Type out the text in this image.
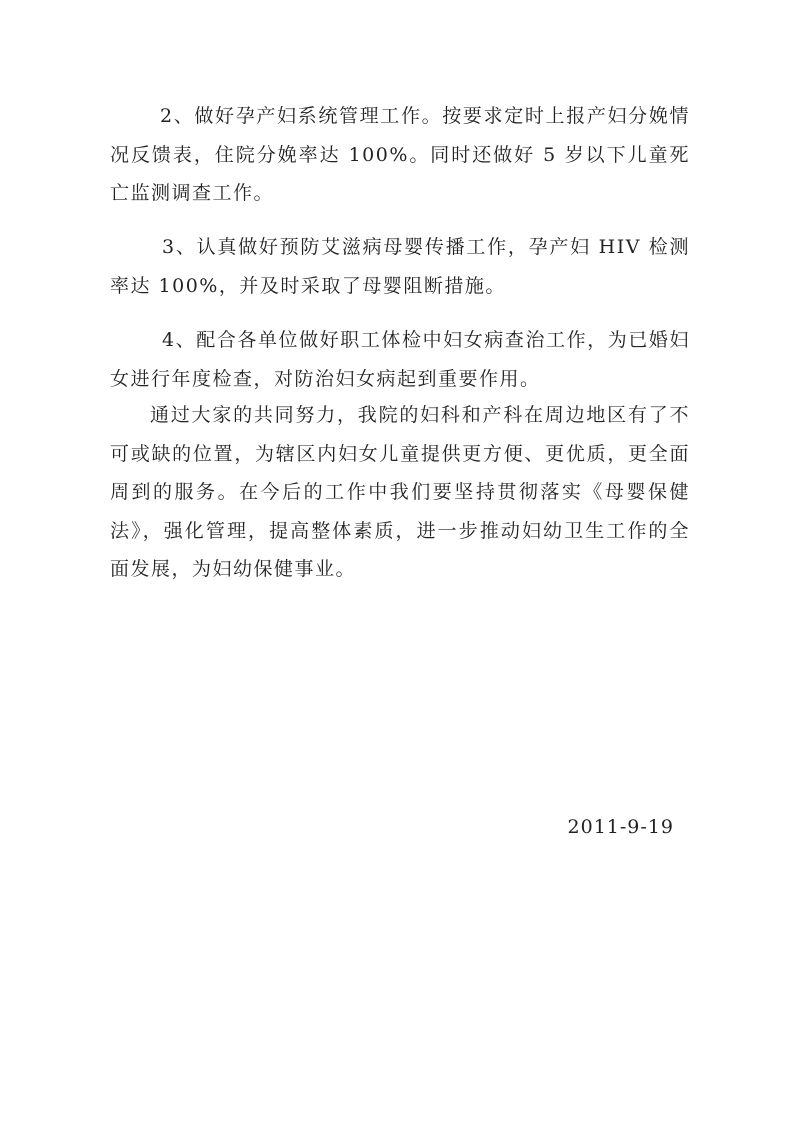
2、做好孕产妇系统管理工作。按要求定时上报产妇分娩情况反馈表，住院分娩率达 100%。同时还做好 5 岁以下儿童死亡监测调查工作。

3、认真做好预防艾滋病母婴传播工作，孕产妇 HIV 检测率达 100%，并及时采取了母婴阻断措施。

4、配合各单位做好职工体检中妇女病查治工作，为已婚妇女进行年度检查，对防治妇女病起到重要作用。

通过大家的共同努力，我院的妇科和产科在周边地区有了不可或缺的位置，为辖区内妇女儿童提供更方便、更优质，更全面周到的服务。在今后的工作中我们要坚持贯彻落实《母婴保健法》，强化管理，提高整体素质，进一步推动妇幼卫生工作的全面发展，为妇幼保健事业。

2011-9-19
